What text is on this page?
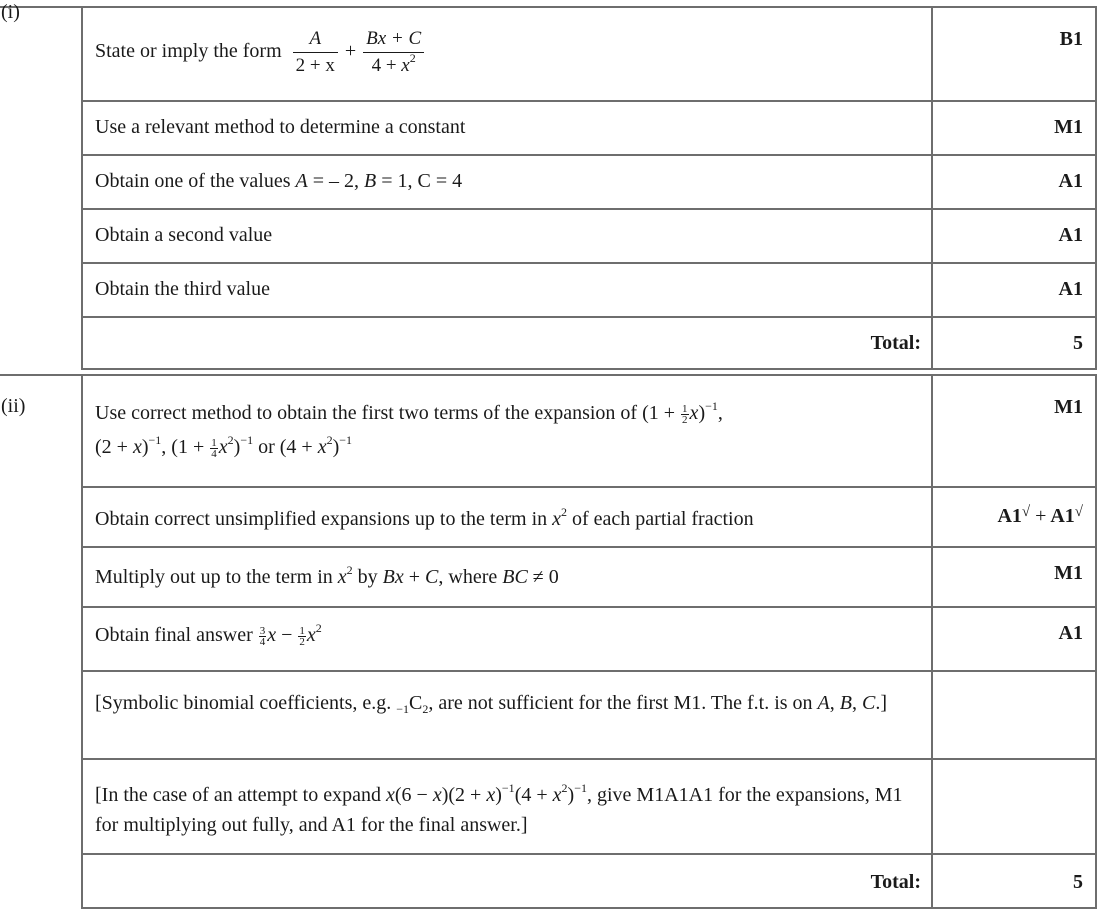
(i)
	State or imply the form $\frac{A}{2 + x} + \frac{Bx + C}{4 + x^2}$	B1
	Use a relevant method to determine a constant	M1
	Obtain one of the values A = – 2, B = 1, C = 4	A1
	Obtain a second value	A1
	Obtain the third value	A1
	Total:	5
(ii)	Use correct method to obtain the first two terms of the expansion of $(1 + \frac{1}{2} x)^{-1}$,
$(2 + x)^{-1}$, $(1 + \frac{1}{4} x^2)^{-1}$ or $(4 + x^2)^{-1}$	M1
	Obtain correct unsimplified expansions up to the term in $x^2$ of each partial fraction	A1√ + A1√
	Multiply out up to the term in $x^2$ by Bx + C, where BC ≠ 0	M1
Obtain final answer $\frac{3}{4}$ $x - \frac{1}{2} x^2$	A1
	[Symbolic binomial coefficients, e.g. $_{-1}C_2$, are not sufficient for the first M1. The f.t. is on A, B, C.]	
	[In the case of an attempt to expand $x(6 - x)(2 + x)^{-1}(4 + x^2)^{-1}$, give M1A1A1 for the expansions, M1 for multiplying out fully, and A1 for the final answer.]	
	Total:	5
